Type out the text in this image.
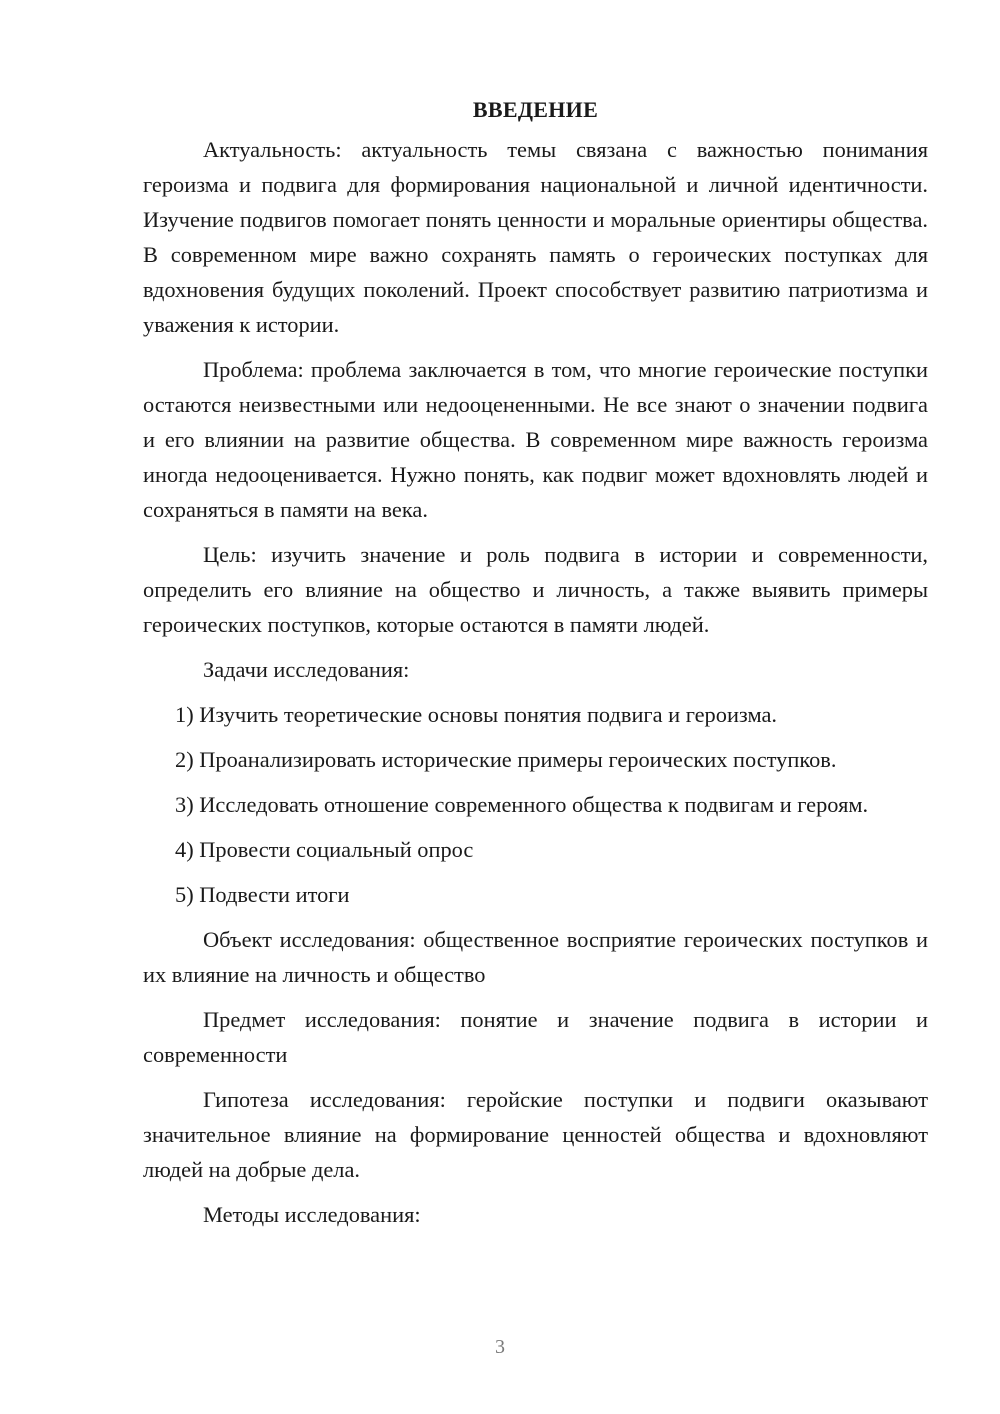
ВВЕДЕНИЕ

Актуальность: актуальность темы связана с важностью понимания героизма и подвига для формирования национальной и личной идентичности. Изучение подвигов помогает понять ценности и моральные ориентиры общества. В современном мире важно сохранять память о героических поступках для вдохновения будущих поколений. Проект способствует развитию патриотизма и уважения к истории.

Проблема: проблема заключается в том, что многие героические поступки остаются неизвестными или недооцененными. Не все знают о значении подвига и его влиянии на развитие общества. В современном мире важность героизма иногда недооценивается. Нужно понять, как подвиг может вдохновлять людей и сохраняться в памяти на века.

Цель: изучить значение и роль подвига в истории и современности, определить его влияние на общество и личность, а также выявить примеры героических поступков, которые остаются в памяти людей.

Задачи исследования:

1) Изучить теоретические основы понятия подвига и героизма.

2) Проанализировать исторические примеры героических поступков.

3) Исследовать отношение современного общества к подвигам и героям.

4) Провести социальный опрос

5) Подвести итоги

Объект исследования: общественное восприятие героических поступков и их влияние на личность и общество

Предмет исследования: понятие и значение подвига в истории и современности

Гипотеза исследования: геройские поступки и подвиги оказывают значительное влияние на формирование ценностей общества и вдохновляют людей на добрые дела.

Методы исследования:

3
